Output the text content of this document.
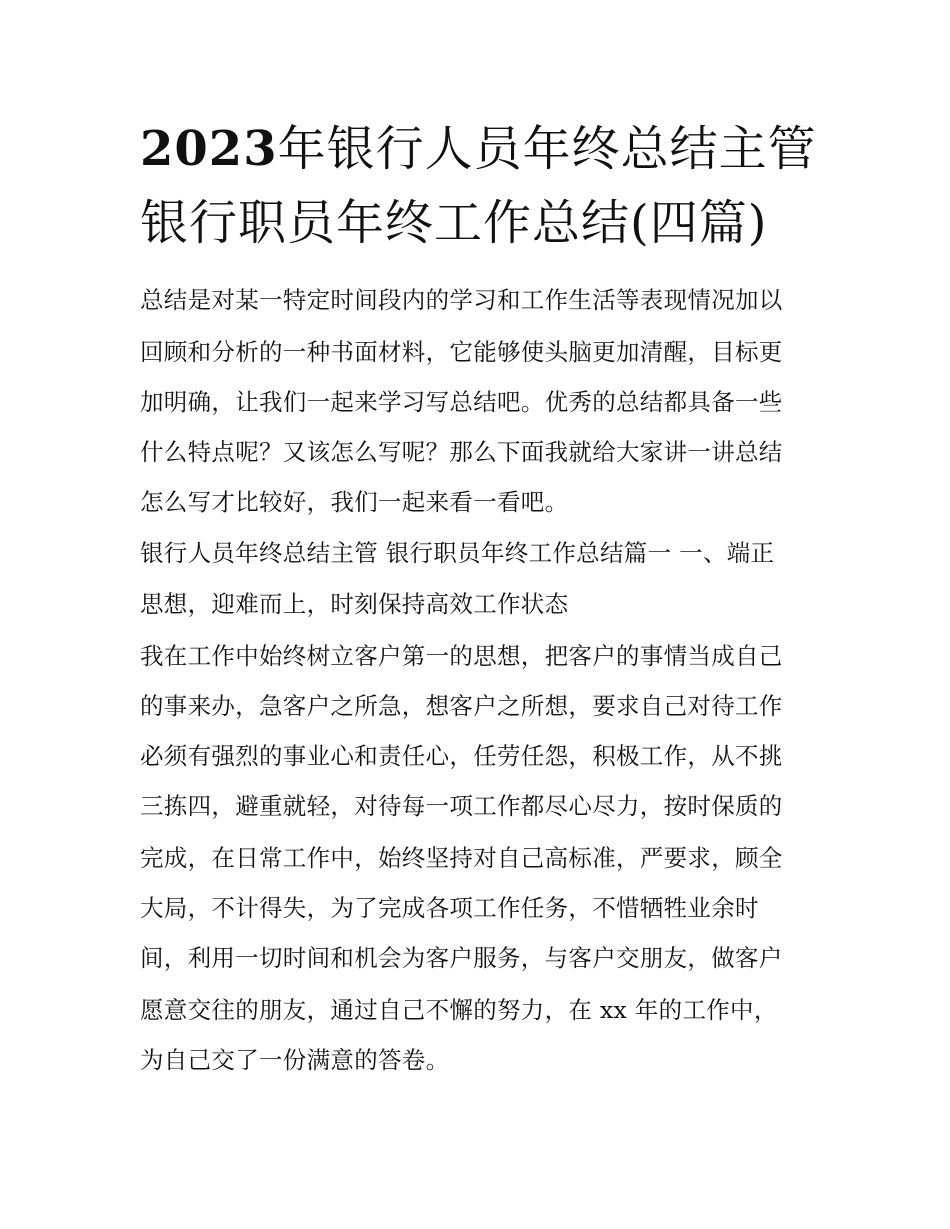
2023年银行人员年终总结主管
银行职员年终工作总结(四篇)

总结是对某一特定时间段内的学习和工作生活等表现情况加以

回顾和分析的一种书面材料，它能够使头脑更加清醒，目标更

加明确，让我们一起来学习写总结吧。优秀的总结都具备一些

什么特点呢？又该怎么写呢？那么下面我就给大家讲一讲总结

怎么写才比较好，我们一起来看一看吧。

银行人员年终总结主管 银行职员年终工作总结篇一 一、端正

思想，迎难而上，时刻保持高效工作状态

我在工作中始终树立客户第一的思想，把客户的事情当成自己

的事来办，急客户之所急，想客户之所想，要求自己对待工作

必须有强烈的事业心和责任心，任劳任怨，积极工作，从不挑

三拣四，避重就轻，对待每一项工作都尽心尽力，按时保质的

完成，在日常工作中，始终坚持对自己高标准，严要求，顾全

大局，不计得失，为了完成各项工作任务，不惜牺牲业余时

间，利用一切时间和机会为客户服务，与客户交朋友，做客户

愿意交往的朋友，通过自己不懈的努力，在 xx 年的工作中，

为自己交了一份满意的答卷。
